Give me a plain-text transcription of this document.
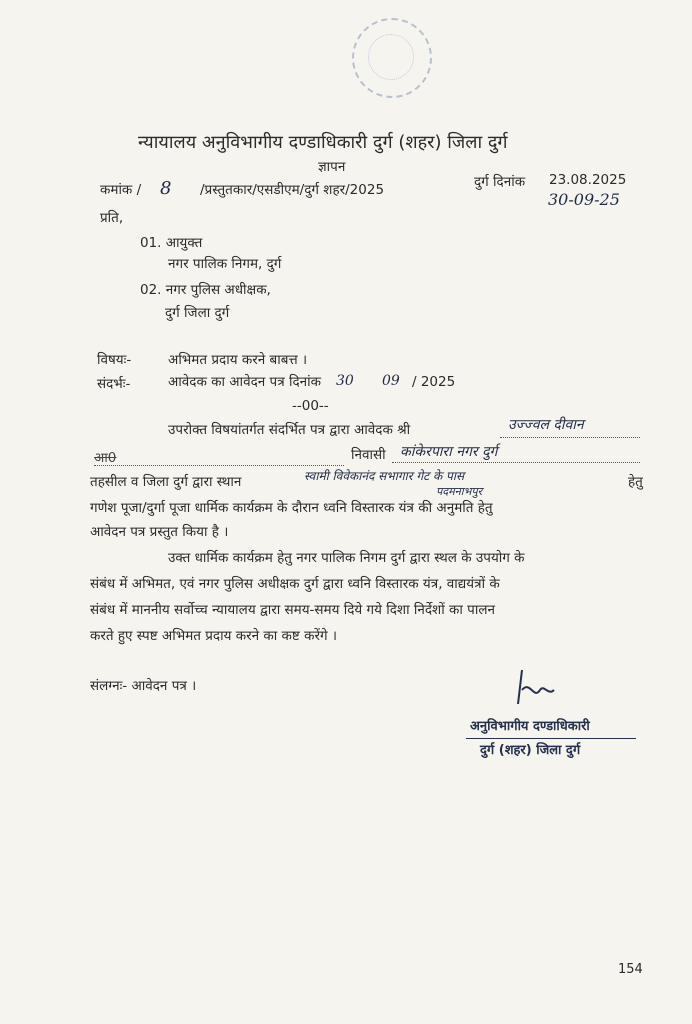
न्यायालय अनुविभागीय दण्डाधिकारी दुर्ग (शहर) जिला दुर्ग
ज्ञापन
कमांक / 8 /प्रस्तुतकार/एसडीएम/दुर्ग शहर/2025	दुर्ग दिनांक 23.08.2025
30-09-25
प्रति,
01. आयुक्त
नगर पालिक निगम, दुर्ग
02. नगर पुलिस अधीक्षक,
दुर्ग जिला दुर्ग
विषयः-	अभिमत प्रदाय करने बाबत्त ।
संदर्भः-	आवेदक का आवेदन पत्र दिनांक 30 09 / 2025
--00--
उपरोक्त विषयांतर्गत संदर्भित पत्र द्वारा आवेदक श्री	उज्ज्वल दीवान
आ0	निवासी कांकेरपारा नगर दुर्ग
तहसील व जिला दुर्ग द्वारा स्थान	स्वामी विवेकानंद सभागार गेट के पास	हेतु
पदमनाभपुर
गणेश पूजा/दुर्गा पूजा धार्मिक कार्यक्रम के दौरान ध्वनि विस्तारक यंत्र की अनुमति हेतु
आवेदन पत्र प्रस्तुत किया है ।
उक्त धार्मिक कार्यक्रम हेतु नगर पालिक निगम दुर्ग द्वारा स्थल के उपयोग के
संबंध में अभिमत, एवं नगर पुलिस अधीक्षक दुर्ग द्वारा ध्वनि विस्तारक यंत्र, वाद्ययंत्रों के
संबंध में माननीय सर्वोच्च न्यायालय द्वारा समय-समय दिये गये दिशा निर्देशों का पालन
करते हुए स्पष्ट अभिमत प्रदाय करने का कष्ट करेंगे ।
संलग्नः- आवेदन पत्र ।
अनुविभागीय दण्डाधिकारी
दुर्ग (शहर) जिला दुर्ग
154
